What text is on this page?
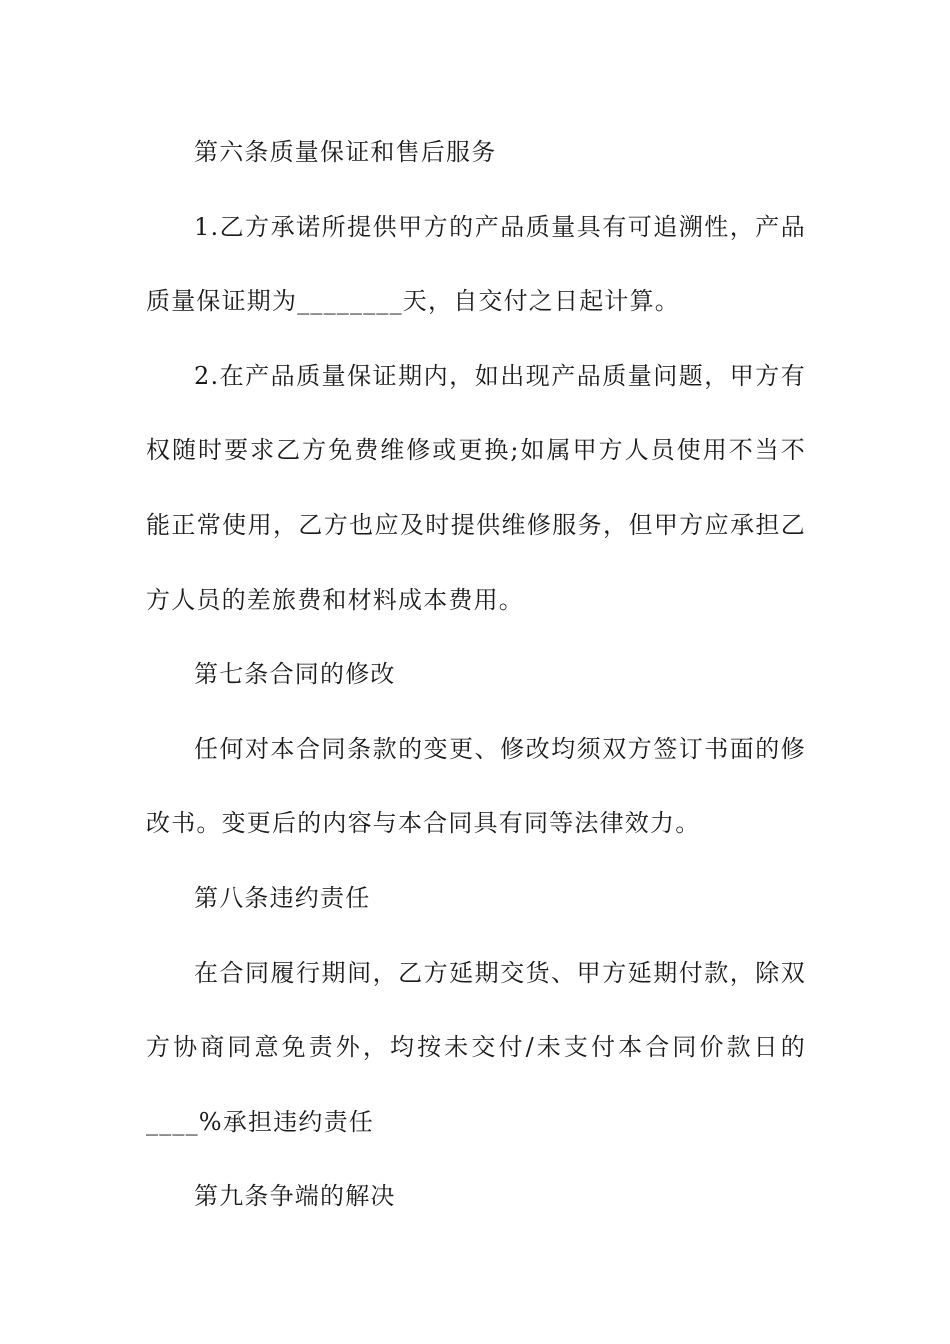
第六条质量保证和售后服务

1.乙方承诺所提供甲方的产品质量具有可追溯性，产品质量保证期为________天，自交付之日起计算。

2.在产品质量保证期内，如出现产品质量问题，甲方有权随时要求乙方免费维修或更换;如属甲方人员使用不当不能正常使用，乙方也应及时提供维修服务，但甲方应承担乙方人员的差旅费和材料成本费用。

第七条合同的修改

任何对本合同条款的变更、修改均须双方签订书面的修改书。变更后的内容与本合同具有同等法律效力。

第八条违约责任

在合同履行期间，乙方延期交货、甲方延期付款，除双方协商同意免责外，均按未交付/未支付本合同价款日的____%承担违约责任

第九条争端的解决
